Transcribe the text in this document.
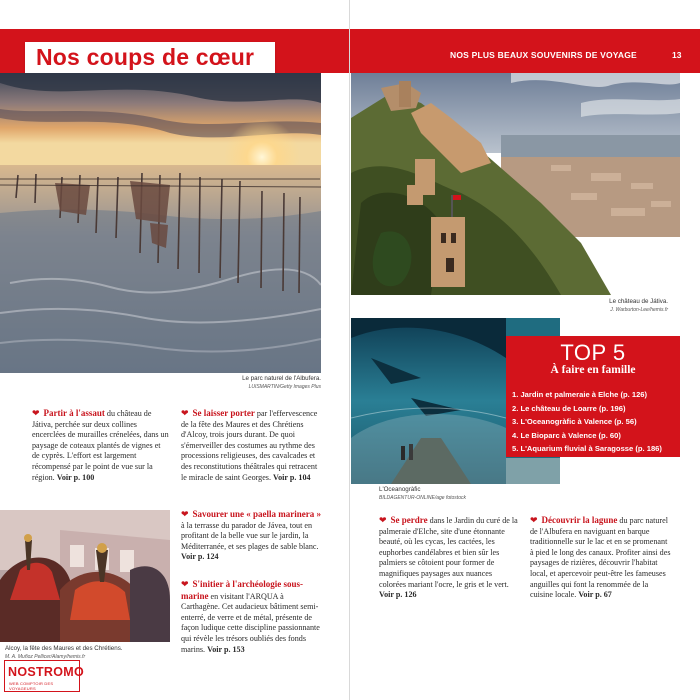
Nos coups de cœur	NOS PLUS BEAUX SOUVENIRS DE VOYAGE	13
Le parc naturel de l'Albufera.
LUISMARTIN/Getty Images Plus
Le château de Játiva.
J. Warburton-Lee/hemis.fr
L'Oceanogràfic
BILDAGENTUR-ONLINE/age fotostock
TOP 5
À faire en famille
1. Jardin et palmeraie à Elche (p. 126)
2. Le château de Loarre (p. 196)
3. L'Oceanogràfic à Valence (p. 56)
4. Le Bioparc à Valence (p. 60)
5. L'Aquarium fluvial à Saragosse (p. 186)
Alcoy, la fête des Maures et des Chrétiens.
M. A. Muñoz Pellicer/Alamy/hemis.fr

❤ Partir à l'assaut du château de Játiva, perchée sur deux collines encerclées de murailles crénelées, dans un paysage de coteaux plantés de vignes et de cyprès. L'effort est largement récompensé par le point de vue sur la région. Voir p. 100

❤ Se laisser porter par l'effervescence de la fête des Maures et des Chrétiens d'Alcoy, trois jours durant. De quoi s'émerveiller des costumes au rythme des processions religieuses, des cavalcades et des reconstitutions théâtrales qui retracent le miracle de saint Georges. Voir p. 104

❤ Savourer une « paella marinera » à la terrasse du parador de Jávea, tout en profitant de la belle vue sur le jardin, la Méditerranée, et ses plages de sable blanc. Voir p. 124

❤ S'initier à l'archéologie sous-marine en visitant l'ARQUA à Carthagène. Cet audacieux bâtiment semi-enterré, de verre et de métal, présente de façon ludique cette discipline passionnante qui révèle les trésors oubliés des fonds marins. Voir p. 153

❤ Se perdre dans le Jardin du curé de la palmeraie d'Elche, site d'une étonnante beauté, où les cycas, les cactées, les euphorbes candélabres et bien sûr les palmiers se côtoient pour former de magnifiques paysages aux nuances colorées mariant l'ocre, le gris et le vert. Voir p. 126

❤ Découvrir la lagune du parc naturel de l'Albufera en naviguant en barque traditionnelle sur le lac et en se promenant à pied le long des canaux. Profiter ainsi des paysages de rizières, découvrir l'habitat local, et apercevoir peut-être les fameuses anguilles qui font la renommée de la cuisine locale. Voir p. 67

NOSTROMO
WEB COMPTOIR DES VOYAGEURS
